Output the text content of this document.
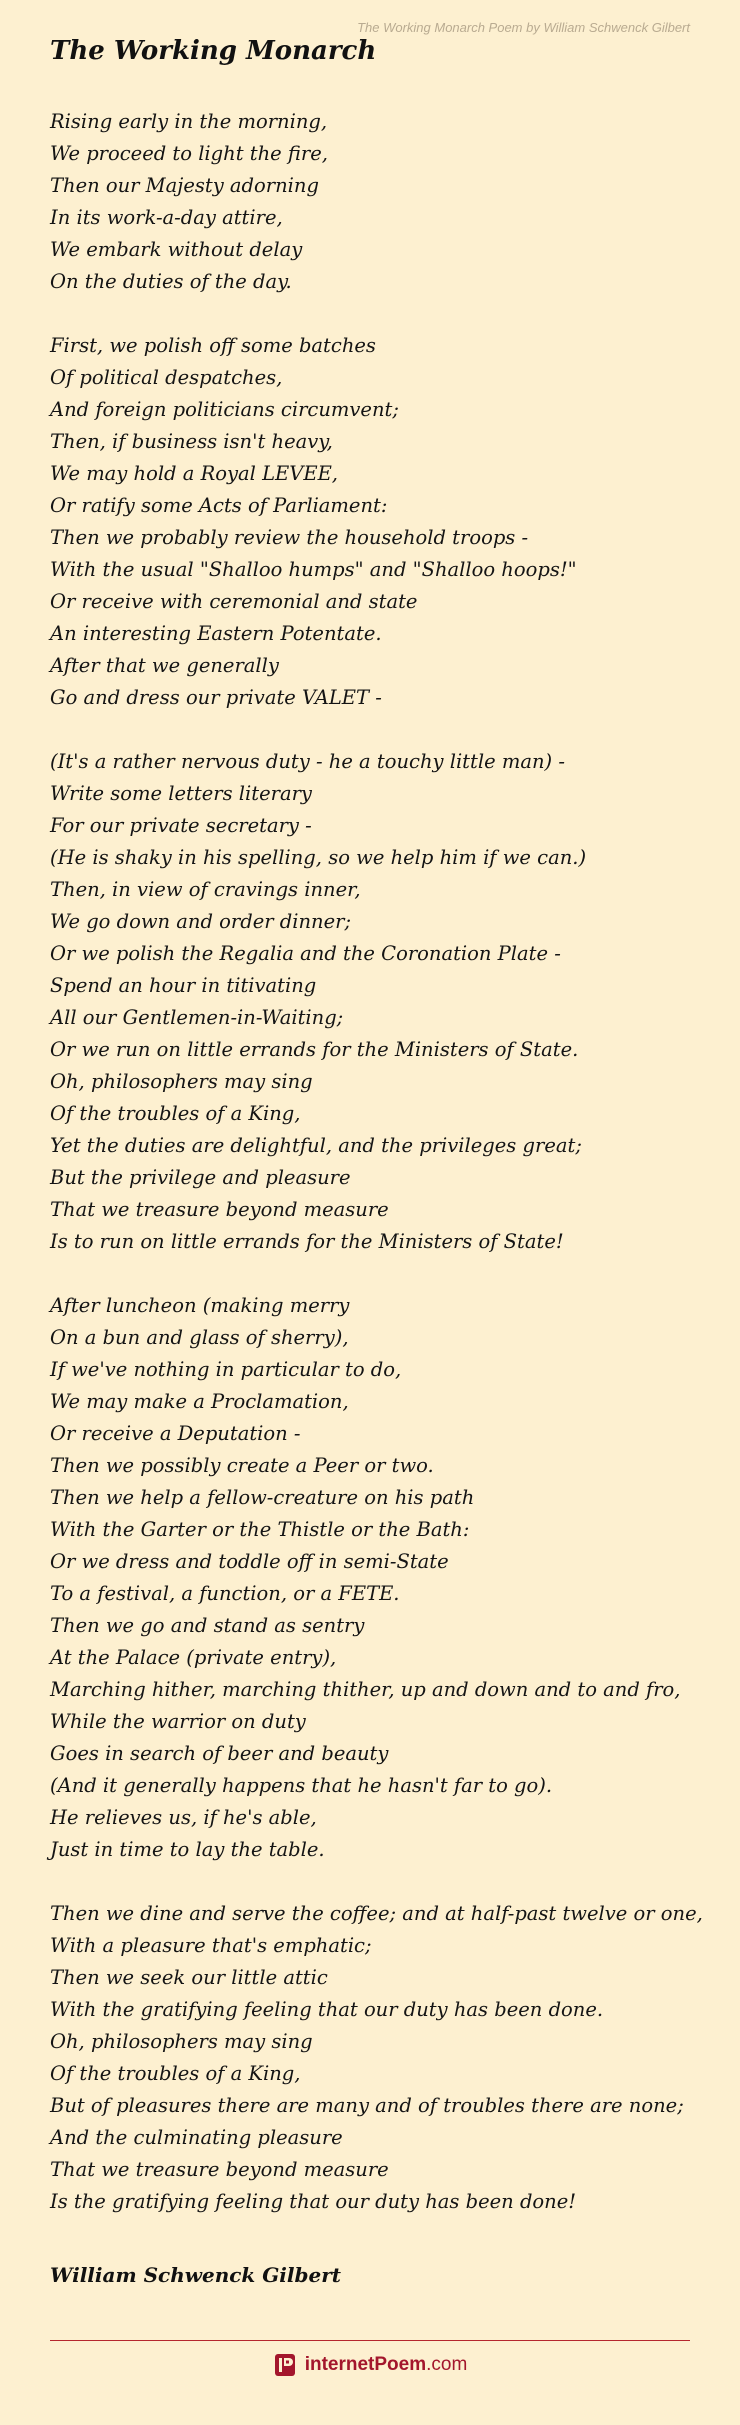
The Working Monarch Poem by William Schwenck Gilbert
The Working Monarch
Rising early in the morning,
We proceed to light the fire,
Then our Majesty adorning
In its work-a-day attire,
We embark without delay
On the duties of the day.
First, we polish off some batches
Of political despatches,
And foreign politicians circumvent;
Then, if business isn't heavy,
We may hold a Royal LEVEE,
Or ratify some Acts of Parliament:
Then we probably review the household troops -
With the usual "Shalloo humps" and "Shalloo hoops!"
Or receive with ceremonial and state
An interesting Eastern Potentate.
After that we generally
Go and dress our private VALET -
(It's a rather nervous duty - he a touchy little man) -
Write some letters literary
For our private secretary -
(He is shaky in his spelling, so we help him if we can.)
Then, in view of cravings inner,
We go down and order dinner;
Or we polish the Regalia and the Coronation Plate -
Spend an hour in titivating
All our Gentlemen-in-Waiting;
Or we run on little errands for the Ministers of State.
Oh, philosophers may sing
Of the troubles of a King,
Yet the duties are delightful, and the privileges great;
But the privilege and pleasure
That we treasure beyond measure
Is to run on little errands for the Ministers of State!
After luncheon (making merry
On a bun and glass of sherry),
If we've nothing in particular to do,
We may make a Proclamation,
Or receive a Deputation -
Then we possibly create a Peer or two.
Then we help a fellow-creature on his path
With the Garter or the Thistle or the Bath:
Or we dress and toddle off in semi-State
To a festival, a function, or a FETE.
Then we go and stand as sentry
At the Palace (private entry),
Marching hither, marching thither, up and down and to and fro,
While the warrior on duty
Goes in search of beer and beauty
(And it generally happens that he hasn't far to go).
He relieves us, if he's able,
Just in time to lay the table.
Then we dine and serve the coffee; and at half-past twelve or one,
With a pleasure that's emphatic;
Then we seek our little attic
With the gratifying feeling that our duty has been done.
Oh, philosophers may sing
Of the troubles of a King,
But of pleasures there are many and of troubles there are none;
And the culminating pleasure
That we treasure beyond measure
Is the gratifying feeling that our duty has been done!
William Schwenck Gilbert
internetPoem.com
